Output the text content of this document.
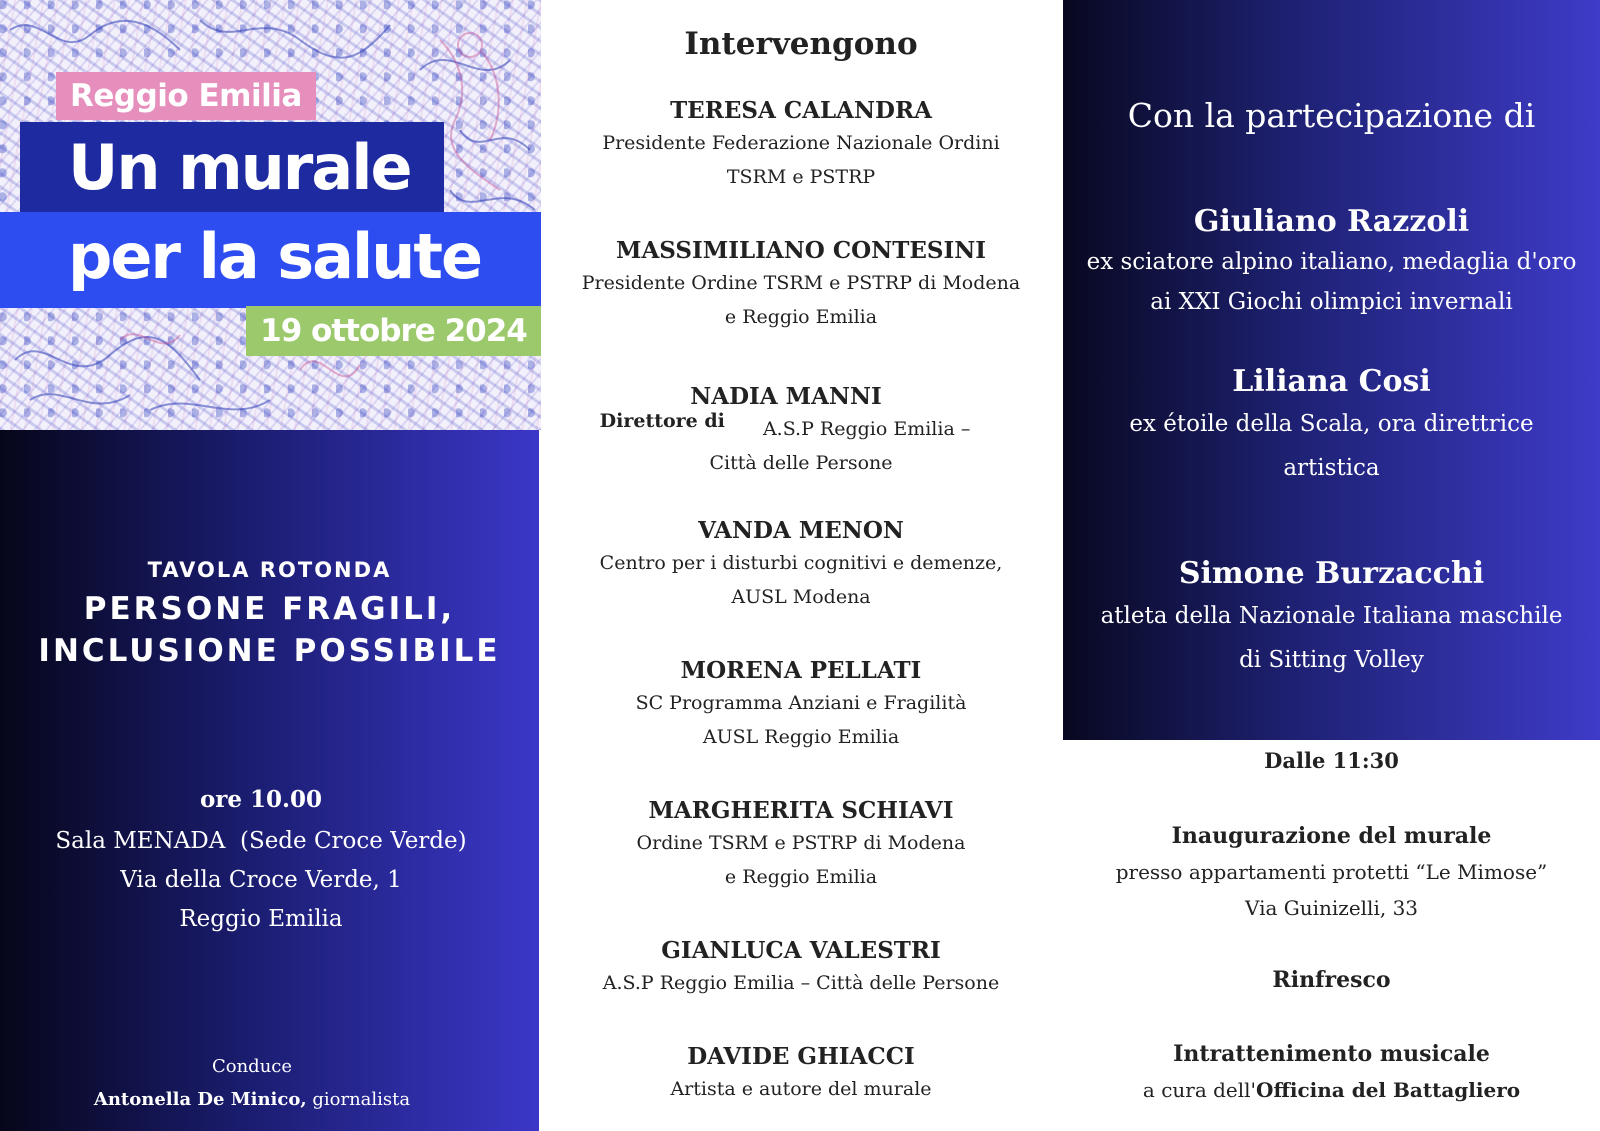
Reggio Emilia
Un murale
per la salute
19 ottobre 2024
TAVOLA ROTONDA
PERSONE FRAGILI,
INCLUSIONE POSSIBILE
ore 10.00
Sala MENADA  (Sede Croce Verde)
Via della Croce Verde, 1
Reggio Emilia
Conduce
Antonella De Minico, giornalista
Intervengono
TERESA CALANDRA
Presidente Federazione Nazionale Ordini
TSRM e PSTRP
MASSIMILIANO CONTESINI
Presidente Ordine TSRM e PSTRP di Modena
e Reggio Emilia
NADIA MANNI
Direttore di A.S.P Reggio Emilia –
Città delle Persone
VANDA MENON
Centro per i disturbi cognitivi e demenze,
AUSL Modena
MORENA PELLATI
SC Programma Anziani e Fragilità
AUSL Reggio Emilia
MARGHERITA SCHIAVI
Ordine TSRM e PSTRP di Modena
e Reggio Emilia
GIANLUCA VALESTRI
A.S.P Reggio Emilia – Città delle Persone
DAVIDE GHIACCI
Artista e autore del murale
Con la partecipazione di
Giuliano Razzoli
ex sciatore alpino italiano, medaglia d'oro
ai XXI Giochi olimpici invernali
Liliana Cosi
ex étoile della Scala, ora direttrice
artistica
Simone Burzacchi
atleta della Nazionale Italiana maschile
di Sitting Volley
Dalle 11:30
Inaugurazione del murale
presso appartamenti protetti “Le Mimose”
Via Guinizelli, 33
Rinfresco
Intrattenimento musicale
a cura dell'Officina del Battagliero
